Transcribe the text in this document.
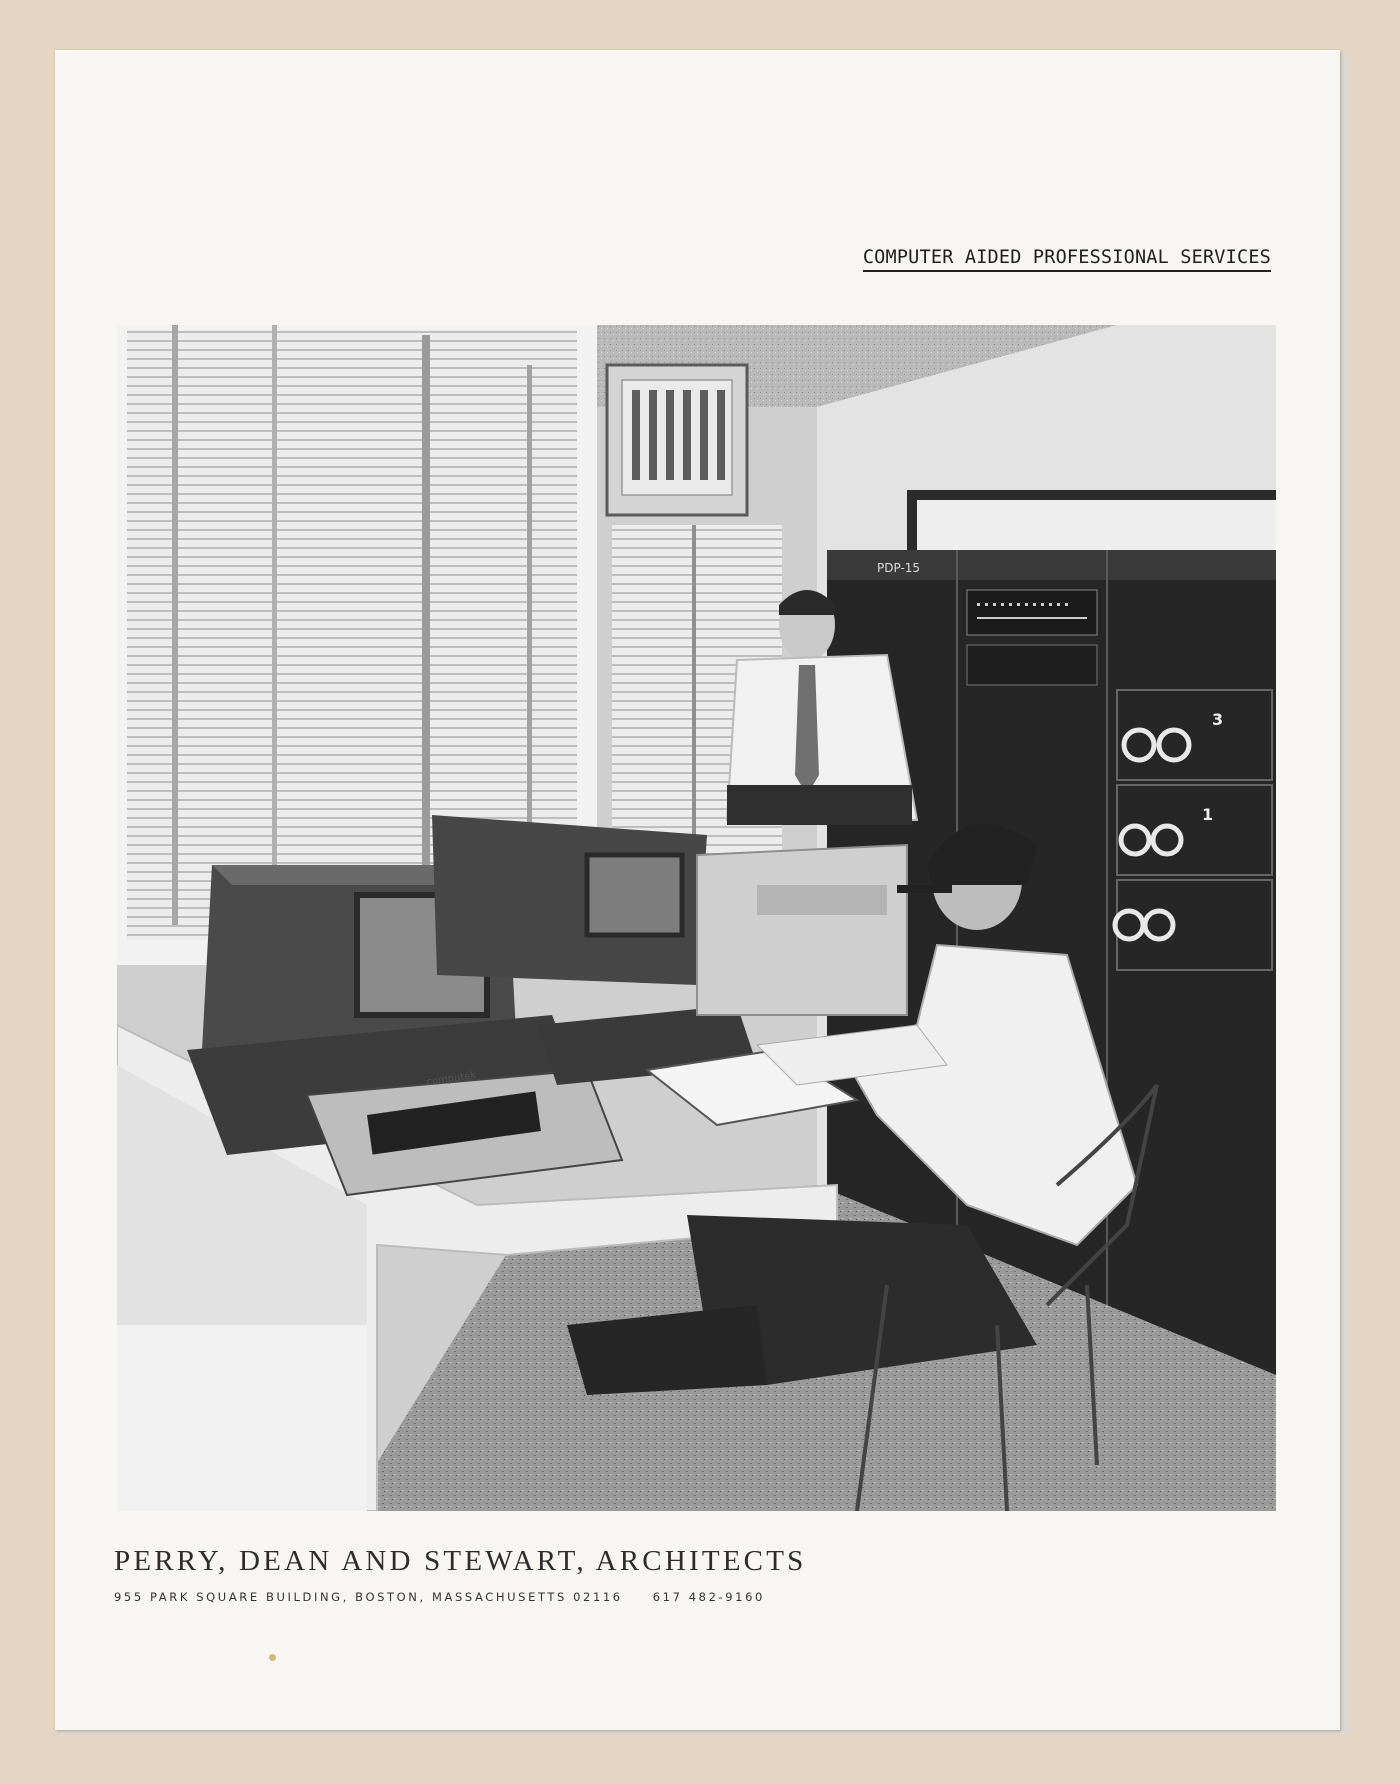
COMPUTER AIDED PROFESSIONAL SERVICES
PDP-15
3
1
computek
PERRY, DEAN AND STEWART, ARCHITECTS
955 PARK SQUARE BUILDING, BOSTON, MASSACHUSETTS 02116	617 482-9160
